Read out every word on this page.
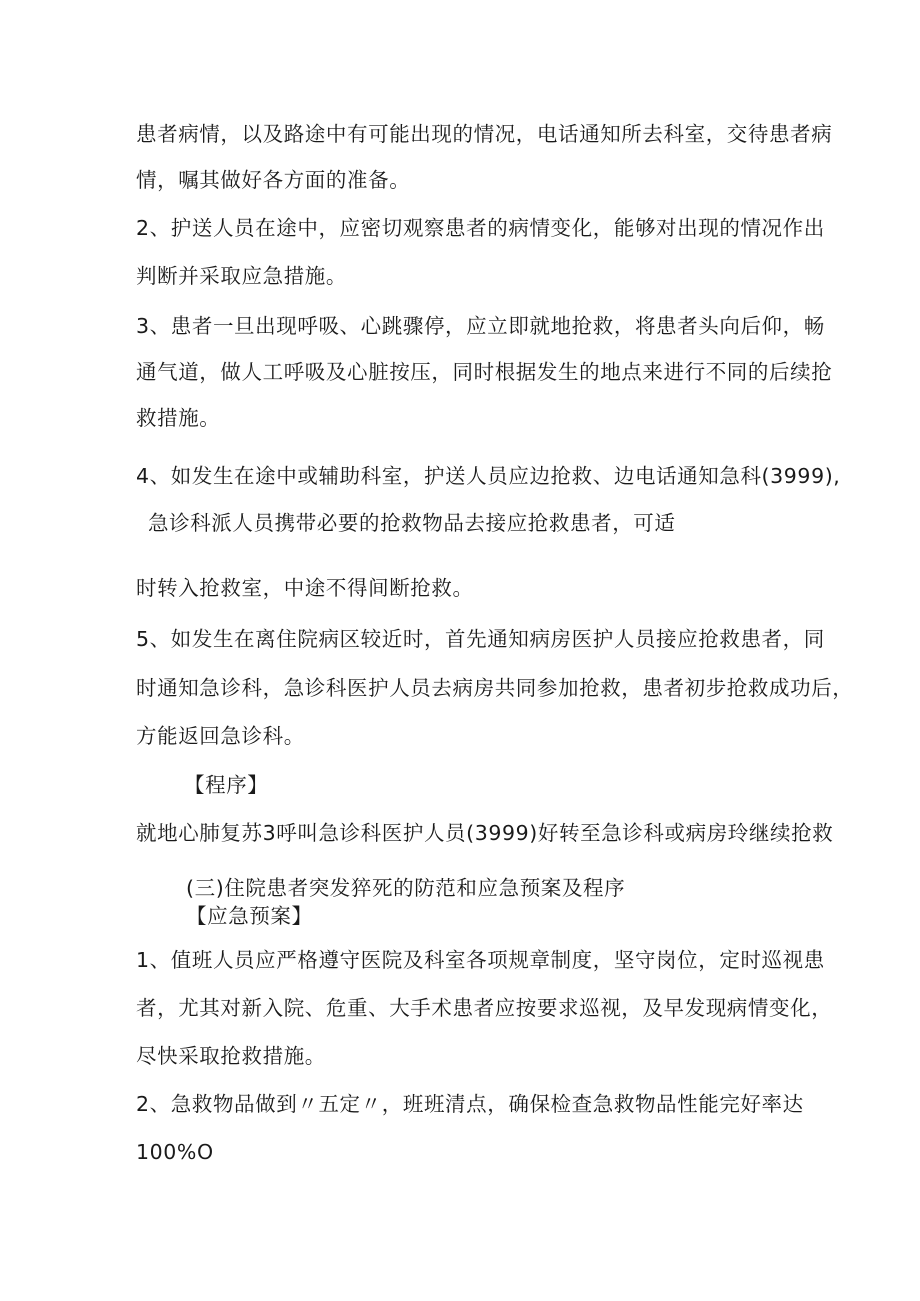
患者病情，以及路途中有可能出现的情况，电话通知所去科室，交待患者病
情，嘱其做好各方面的准备。
2、护送人员在途中，应密切观察患者的病情变化，能够对出现的情况作出
判断并采取应急措施。
3、患者一旦出现呼吸、心跳骤停，应立即就地抢救，将患者头向后仰，畅
通气道，做人工呼吸及心脏按压，同时根据发生的地点来进行不同的后续抢
救措施。
4、如发生在途中或辅助科室，护送人员应边抢救、边电话通知急科(3999),
急诊科派人员携带必要的抢救物品去接应抢救患者，可适
时转入抢救室，中途不得间断抢救。
5、如发生在离住院病区较近时，首先通知病房医护人员接应抢救患者，同
时通知急诊科，急诊科医护人员去病房共同参加抢救，患者初步抢救成功后，
方能返回急诊科。
【程序】
就地心肺复苏3呼叫急诊科医护人员(3999)好转至急诊科或病房玲继续抢救
(三)住院患者突发猝死的防范和应急预案及程序
【应急预案】
1、值班人员应严格遵守医院及科室各项规章制度，坚守岗位，定时巡视患
者，尤其对新入院、危重、大手术患者应按要求巡视，及早发现病情变化，
尽快采取抢救措施。
2、急救物品做到〃五定〃，班班清点，确保检查急救物品性能完好率达
100%O
